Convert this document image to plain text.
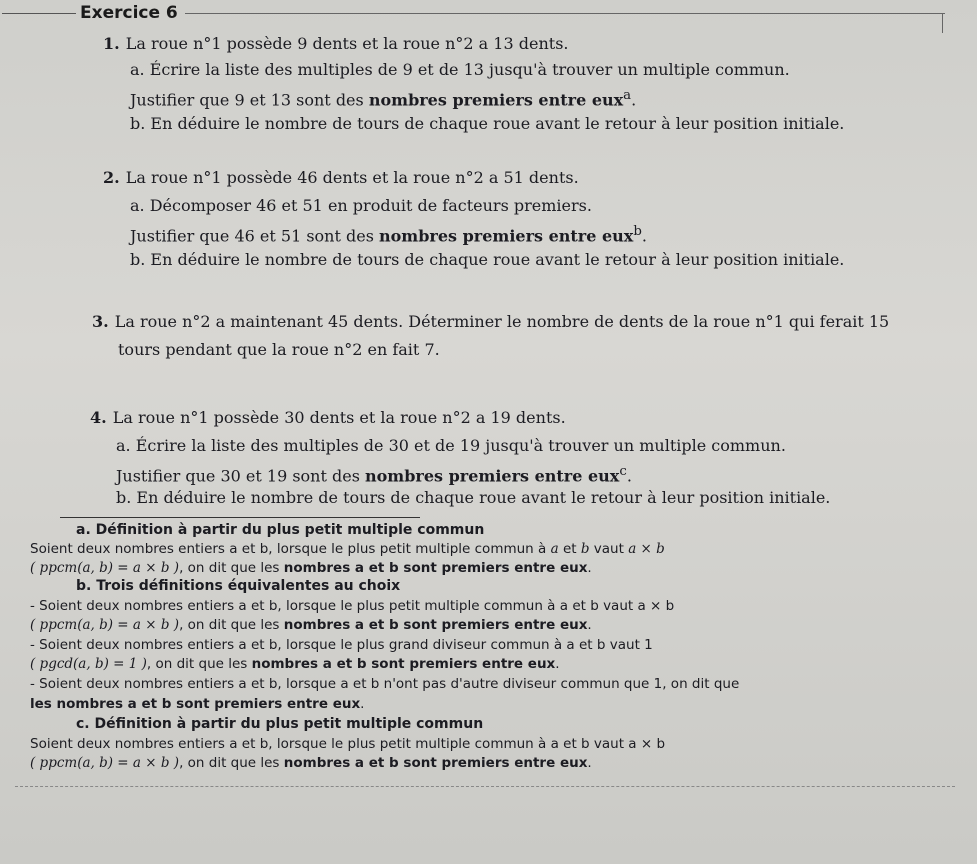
Exercice 6
1. La roue n°1 possède 9 dents et la roue n°2 a 13 dents.
a. Écrire la liste des multiples de 9 et de 13 jusqu'à trouver un multiple commun.
Justifier que 9 et 13 sont des nombres premiers entre eux$^a$.
b. En déduire le nombre de tours de chaque roue avant le retour à leur position initiale.
2. La roue n°1 possède 46 dents et la roue n°2 a 51 dents.
a. Décomposer 46 et 51 en produit de facteurs premiers.
Justifier que 46 et 51 sont des nombres premiers entre eux$^b$.
b. En déduire le nombre de tours de chaque roue avant le retour à leur position initiale.
3. La roue n°2 a maintenant 45 dents. Déterminer le nombre de dents de la roue n°1 qui ferait 15
tours pendant que la roue n°2 en fait 7.
4. La roue n°1 possède 30 dents et la roue n°2 a 19 dents.
a. Écrire la liste des multiples de 30 et de 19 jusqu'à trouver un multiple commun.
Justifier que 30 et 19 sont des nombres premiers entre eux$^c$.
b. En déduire le nombre de tours de chaque roue avant le retour à leur position initiale.
a. Définition à partir du plus petit multiple commun
Soient deux nombres entiers a et b, lorsque le plus petit multiple commun à a et b vaut a × b
( ppcm(a, b) = a × b ), on dit que les nombres a et b sont premiers entre eux.
b. Trois définitions équivalentes au choix
- Soient deux nombres entiers a et b, lorsque le plus petit multiple commun à a et b vaut a × b
( ppcm(a, b) = a × b ), on dit que les nombres a et b sont premiers entre eux.
- Soient deux nombres entiers a et b, lorsque le plus grand diviseur commun à a et b vaut 1
( pgcd(a, b) = 1 ), on dit que les nombres a et b sont premiers entre eux.
- Soient deux nombres entiers a et b, lorsque a et b n'ont pas d'autre diviseur commun que 1, on dit que
les nombres a et b sont premiers entre eux.
c. Définition à partir du plus petit multiple commun
Soient deux nombres entiers a et b, lorsque le plus petit multiple commun à a et b vaut a × b
( ppcm(a, b) = a × b ), on dit que les nombres a et b sont premiers entre eux.
